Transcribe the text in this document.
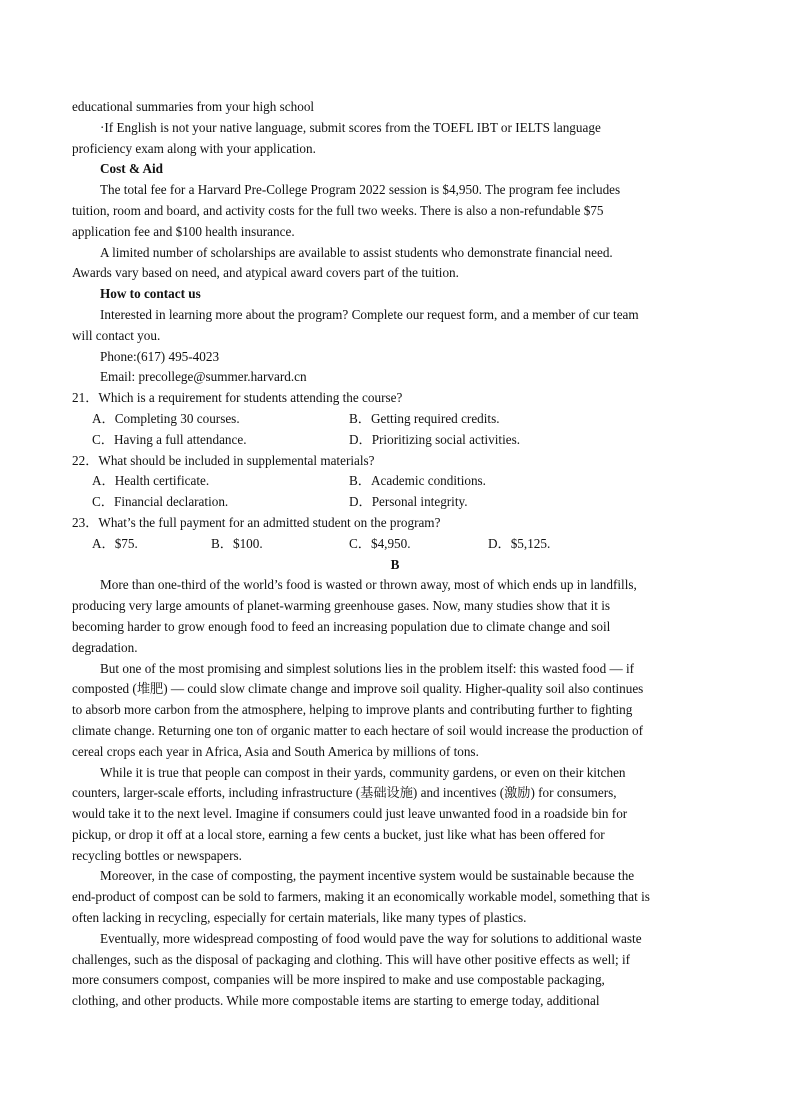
educational summaries from your high school
·If English is not your native language, submit scores from the TOEFL IBT or IELTS language
proficiency exam along with your application.
Cost & Aid
The total fee for a Harvard Pre-College Program 2022 session is $4,950. The program fee includes
tuition, room and board, and activity costs for the full two weeks. There is also a non-refundable $75
application fee and $100 health insurance.
A limited number of scholarships are available to assist students who demonstrate financial need.
Awards vary based on need, and atypical award covers part of the tuition.
How to contact us
Interested in learning more about the program? Complete our request form, and a member of cur team
will contact you.
Phone:(617) 495-4023
Email: precollege@summer.harvard.cn
21．Which is a requirement for students attending the course?
A．Completing 30 courses.	B．Getting required credits.
C．Having a full attendance.	D．Prioritizing social activities.
22．What should be included in supplemental materials?
A．Health certificate.	B．Academic conditions.
C．Financial declaration.	D．Personal integrity.
23．What’s the full payment for an admitted student on the program?
A．$75.	B．$100.	C．$4,950.	D．$5,125.
B
More than one-third of the world’s food is wasted or thrown away, most of which ends up in landfills,
producing very large amounts of planet-warming greenhouse gases. Now, many studies show that it is
becoming harder to grow enough food to feed an increasing population due to climate change and soil
degradation.
But one of the most promising and simplest solutions lies in the problem itself: this wasted food — if
composted (堆肥) — could slow climate change and improve soil quality. Higher-quality soil also continues
to absorb more carbon from the atmosphere, helping to improve plants and contributing further to fighting
climate change. Returning one ton of organic matter to each hectare of soil would increase the production of
cereal crops each year in Africa, Asia and South America by millions of tons.
While it is true that people can compost in their yards, community gardens, or even on their kitchen
counters, larger-scale efforts, including infrastructure (基础设施) and incentives (激励) for consumers,
would take it to the next level. Imagine if consumers could just leave unwanted food in a roadside bin for
pickup, or drop it off at a local store, earning a few cents a bucket, just like what has been offered for
recycling bottles or newspapers.
Moreover, in the case of composting, the payment incentive system would be sustainable because the
end-product of compost can be sold to farmers, making it an economically workable model, something that is
often lacking in recycling, especially for certain materials, like many types of plastics.
Eventually, more widespread composting of food would pave the way for solutions to additional waste
challenges, such as the disposal of packaging and clothing. This will have other positive effects as well; if
more consumers compost, companies will be more inspired to make and use compostable packaging,
clothing, and other products. While more compostable items are starting to emerge today, additional
